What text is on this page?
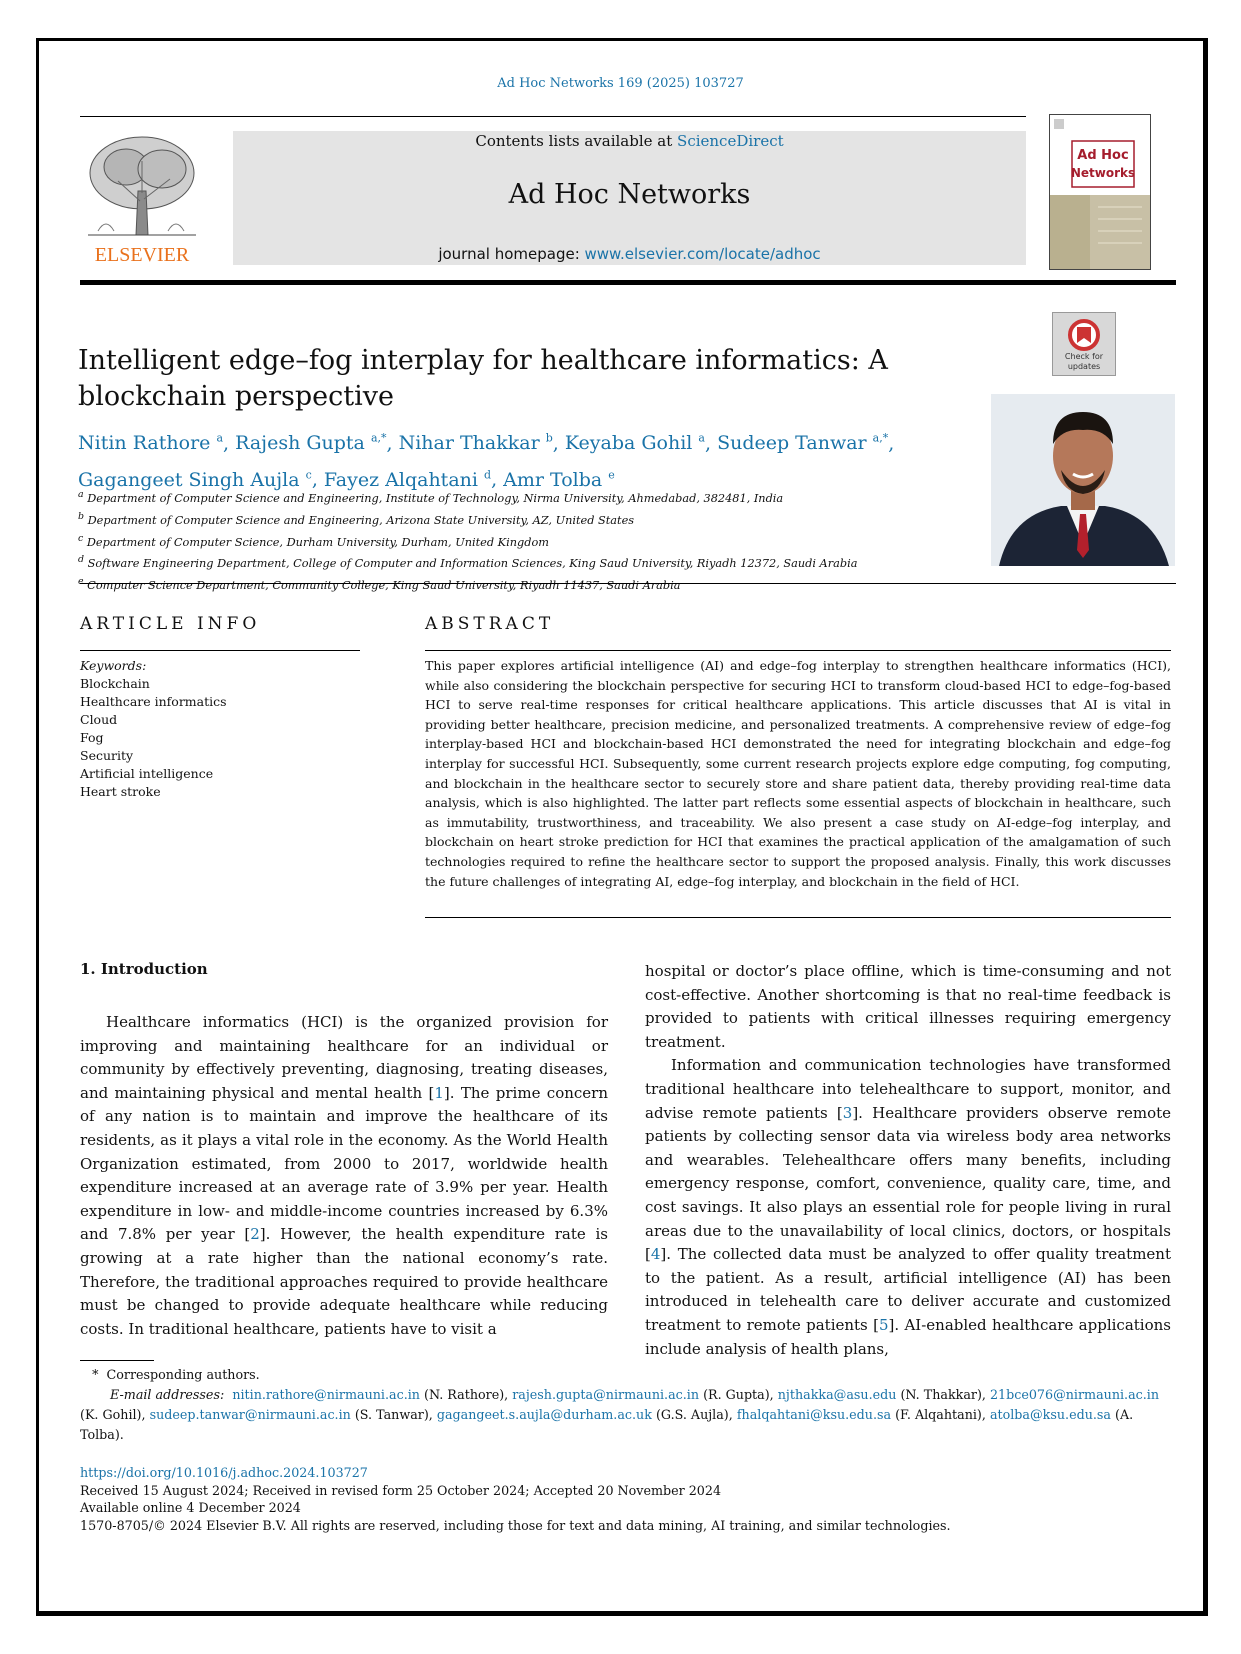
Ad Hoc Networks 169 (2025) 103727
ELSEVIER
Contents lists available at ScienceDirect
Ad Hoc Networks
journal homepage: www.elsevier.com/locate/adhoc
Ad Hoc
Networks
Check for
updates
Intelligent edge–fog interplay for healthcare informatics: A blockchain perspective
Nitin Rathore $^a$, Rajesh Gupta $^{a,*}$, Nihar Thakkar $^b$, Keyaba Gohil $^a$, Sudeep Tanwar $^{a,*}$,
Gagangeet Singh Aujla $^c$, Fayez Alqahtani $^d$, Amr Tolba $^e$
$^a$ Department of Computer Science and Engineering, Institute of Technology, Nirma University, Ahmedabad, 382481, India
$^b$ Department of Computer Science and Engineering, Arizona State University, AZ, United States
$^c$ Department of Computer Science, Durham University, Durham, United Kingdom
$^d$ Software Engineering Department, College of Computer and Information Sciences, King Saud University, Riyadh 12372, Saudi Arabia
$^e$ Computer Science Department, Community College, King Saud University, Riyadh 11437, Saudi Arabia
ARTICLE INFO
Keywords:
Blockchain
Healthcare informatics
Cloud
Fog
Security
Artificial intelligence
Heart stroke
ABSTRACT
This paper explores artificial intelligence (AI) and edge–fog interplay to strengthen healthcare informatics (HCI), while also considering the blockchain perspective for securing HCI to transform cloud-based HCI to edge–fog-based HCI to serve real-time responses for critical healthcare applications. This article discusses that AI is vital in providing better healthcare, precision medicine, and personalized treatments. A comprehensive review of edge–fog interplay-based HCI and blockchain-based HCI demonstrated the need for integrating blockchain and edge–fog interplay for successful HCI. Subsequently, some current research projects explore edge computing, fog computing, and blockchain in the healthcare sector to securely store and share patient data, thereby providing real-time data analysis, which is also highlighted. The latter part reflects some essential aspects of blockchain in healthcare, such as immutability, trustworthiness, and traceability. We also present a case study on AI-edge–fog interplay, and blockchain on heart stroke prediction for HCI that examines the practical application of the amalgamation of such technologies required to refine the healthcare sector to support the proposed analysis. Finally, this work discusses the future challenges of integrating AI, edge–fog interplay, and blockchain in the field of HCI.
1. Introduction

Healthcare informatics (HCI) is the organized provision for improving and maintaining healthcare for an individual or community by effectively preventing, diagnosing, treating diseases, and maintaining physical and mental health [1]. The prime concern of any nation is to maintain and improve the healthcare of its residents, as it plays a vital role in the economy. As the World Health Organization estimated, from 2000 to 2017, worldwide health expenditure increased at an average rate of 3.9% per year. Health expenditure in low- and middle-income countries increased by 6.3% and 7.8% per year [2]. However, the health expenditure rate is growing at a rate higher than the national economy’s rate. Therefore, the traditional approaches required to provide healthcare must be changed to provide adequate healthcare while reducing costs. In traditional healthcare, patients have to visit a

hospital or doctor’s place offline, which is time-consuming and not cost-effective. Another shortcoming is that no real-time feedback is provided to patients with critical illnesses requiring emergency treatment.

Information and communication technologies have transformed traditional healthcare into telehealthcare to support, monitor, and advise remote patients [3]. Healthcare providers observe remote patients by collecting sensor data via wireless body area networks and wearables. Telehealthcare offers many benefits, including emergency response, comfort, convenience, quality care, time, and cost savings. It also plays an essential role for people living in rural areas due to the unavailability of local clinics, doctors, or hospitals [4]. The collected data must be analyzed to offer quality treatment to the patient. As a result, artificial intelligence (AI) has been introduced in telehealth care to deliver accurate and customized treatment to remote patients [5]. AI-enabled healthcare applications include analysis of health plans,

* Corresponding authors.
E-mail addresses: nitin.rathore@nirmauni.ac.in (N. Rathore), rajesh.gupta@nirmauni.ac.in (R. Gupta), njthakka@asu.edu (N. Thakkar), 21bce076@nirmauni.ac.in (K. Gohil), sudeep.tanwar@nirmauni.ac.in (S. Tanwar), gagangeet.s.aujla@durham.ac.uk (G.S. Aujla), fhalqahtani@ksu.edu.sa (F. Alqahtani), atolba@ksu.edu.sa (A. Tolba).
https://doi.org/10.1016/j.adhoc.2024.103727
Received 15 August 2024; Received in revised form 25 October 2024; Accepted 20 November 2024
Available online 4 December 2024
1570-8705/© 2024 Elsevier B.V. All rights are reserved, including those for text and data mining, AI training, and similar technologies.
